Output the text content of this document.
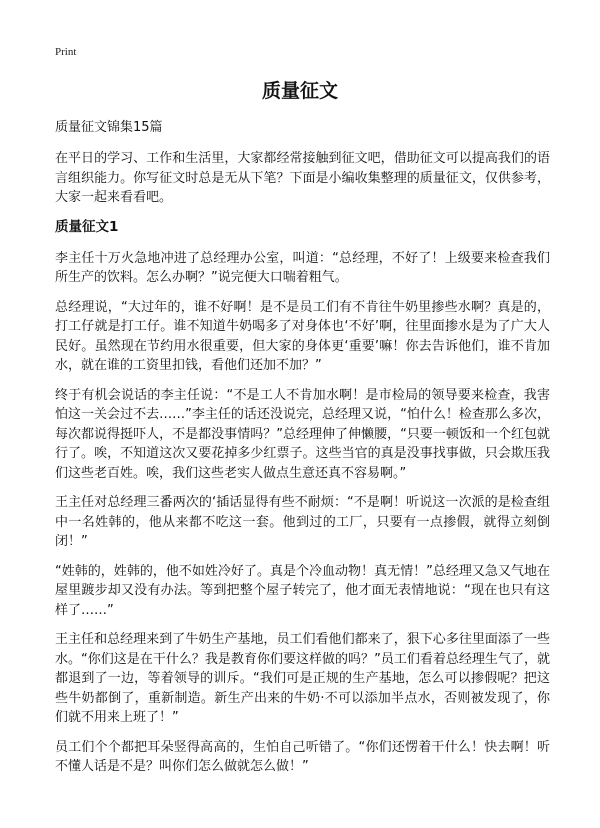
Print
质量征文
质量征文锦集15篇

在平日的学习、工作和生活里，大家都经常接触到征文吧，借助征文可以提高我们的语言组织能力。你写征文时总是无从下笔？下面是小编收集整理的质量征文，仅供参考，大家一起来看看吧。

质量征文1

李主任十万火急地冲进了总经理办公室，叫道：“总经理，不好了！上级要来检查我们所生产的饮料。怎么办啊？”说完便大口喘着粗气。

总经理说，“大过年的，谁不好啊！是不是员工们有不肯往牛奶里掺些水啊？真是的，打工仔就是打工仔。谁不知道牛奶喝多了对身体也‘不好’啊，往里面掺水是为了广大人民好。虽然现在节约用水很重要，但大家的身体更‘重要’嘛！你去告诉他们，谁不肯加水，就在谁的工资里扣钱，看他们还加不加？”

终于有机会说话的李主任说：“不是工人不肯加水啊！是市检局的领导要来检查，我害怕这一关会过不去……”李主任的话还没说完，总经理又说，“怕什么！检查那么多次，每次都说得挺吓人，不是都没事情吗？”总经理伸了伸懒腰，“只要一顿饭和一个红包就行了。唉，不知道这次又要花掉多少红票子。这些当官的真是没事找事做，只会欺压我们这些老百姓。唉，我们这些老实人做点生意还真不容易啊。”

王主任对总经理三番两次的‘插话显得有些不耐烦：“不是啊！听说这一次派的是检查组中一名姓韩的，他从来都不吃这一套。他到过的工厂，只要有一点掺假，就得立刻倒闭！”

“姓韩的，姓韩的，他不如姓冷好了。真是个冷血动物！真无情！”总经理又急又气地在屋里踱步却又没有办法。等到把整个屋子转完了，他才面无表情地说：“现在也只有这样了……”

王主任和总经理来到了牛奶生产基地，员工们看他们都来了，狠下心多往里面添了一些水。“你们这是在干什么？我是教育你们要这样做的吗？”员工们看着总经理生气了，就都退到了一边，等着领导的训斥。“我们可是正规的生产基地，怎么可以掺假呢？把这些牛奶都倒了，重新制造。新生产出来的牛奶·不可以添加半点水，否则被发现了，你们就不用来上班了！”

员工们个个都把耳朵竖得高高的，生怕自己听错了。“你们还愣着干什么！快去啊！听不懂人话是不是？叫你们怎么做就怎么做！”
